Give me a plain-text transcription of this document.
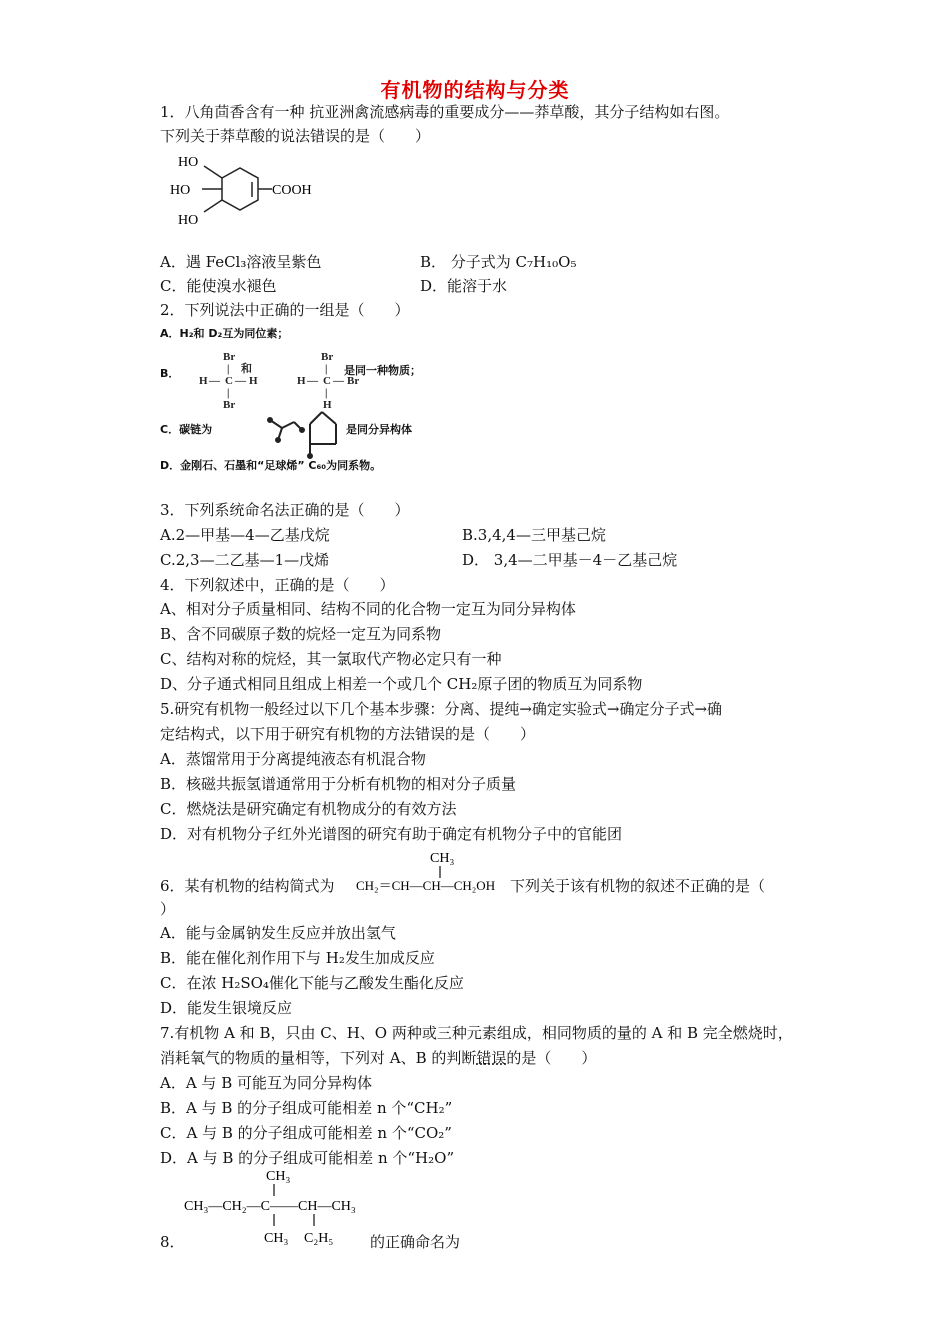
有机物的结构与分类
1．八角茴香含有一种 抗亚洲禽流感病毒的重要成分——莽草酸，其分子结构如右图。
下列关于莽草酸的说法错误的是（　　）
HO
HO
HO
COOH
A．遇 FeCl₃溶液呈紫色	B． 分子式为 C₇H₁₀O₅
C．能使溴水褪色	D．能溶于水
2．下列说法中正确的一组是（　　）
A．H₂和 D₂互为同位素；
B．
Br
|
H — C — H
|
Br
和
Br
|
H — C — Br
|
H
是同一种物质；
C．碳链为	是同分异构体
D．金刚石、石墨和“足球烯” C₆₀为同系物。
3．下列系统命名法正确的是（　　）
A.2—甲基—4—乙基戊烷	B.3,4,4—三甲基己烷
C.2,3—二乙基—1—戊烯	D． 3,4—二甲基－4－乙基己烷
4．下列叙述中，正确的是（　　）
A、相对分子质量相同、结构不同的化合物一定互为同分异构体
B、含不同碳原子数的烷烃一定互为同系物
C、结构对称的烷烃，其一氯取代产物必定只有一种
D、分子通式相同且组成上相差一个或几个 CH₂原子团的物质互为同系物
5.研究有机物一般经过以下几个基本步骤：分离、提纯→确定实验式→确定分子式→确
定结构式，以下用于研究有机物的方法错误的是（　　）
A．蒸馏常用于分离提纯液态有机混合物
B．核磁共振氢谱通常用于分析有机物的相对分子质量
C．燃烧法是研究确定有机物成分的有效方法
D．对有机物分子红外光谱图的研究有助于确定有机物分子中的官能团
6．某有机物的结构简式为
CH₃
CH₂＝CH—CH—CH₂OH 下列关于该有机物的叙述不正确的是（
）
A．能与金属钠发生反应并放出氢气
B．能在催化剂作用下与 H₂发生加成反应
C．在浓 H₂SO₄催化下能与乙酸发生酯化反应
D．能发生银境反应
7.有机物 A 和 B，只由 C、H、O 两种或三种元素组成，相同物质的量的 A 和 B 完全燃烧时，
消耗氧气的物质的量相等，下列对 A、B 的判断错误的是（　　）
A．A 与 B 可能互为同分异构体
B．A 与 B 的分子组成可能相差 n 个“CH₂”
C．A 与 B 的分子组成可能相差 n 个“CO₂”
D．A 与 B 的分子组成可能相差 n 个“H₂O”
8．
CH₃
CH₃—CH₂—C——CH—CH₃
CH₃ C₂H₅ 的正确命名为
